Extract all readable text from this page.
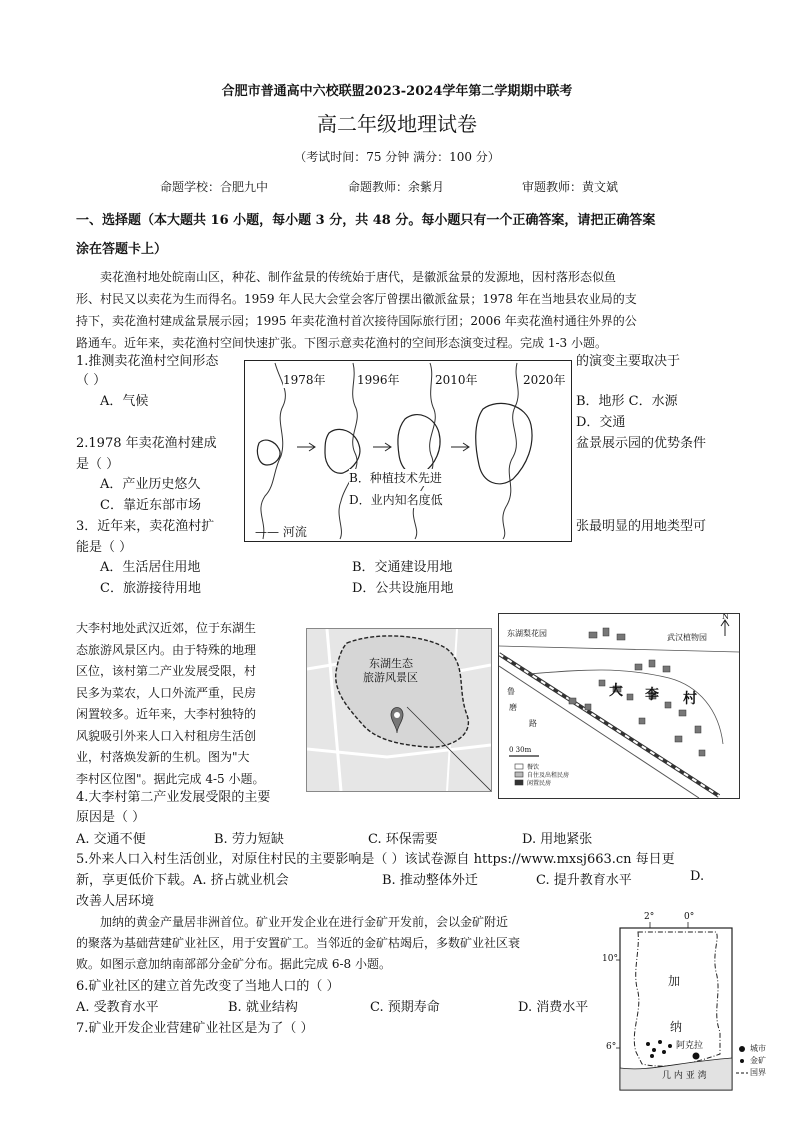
合肥市普通高中六校联盟2023-2024学年第二学期期中联考
高二年级地理试卷
（考试时间：75 分钟 满分：100 分）
命题学校：合肥九中	命题教师：余紫月	审题教师：黄文斌
一、选择题（本大题共 16 小题，每小题 3 分，共 48 分。每小题只有一个正确答案，请把正确答案
涂在答题卡上）
卖花渔村地处皖南山区，种花、制作盆景的传统始于唐代，是徽派盆景的发源地，因村落形态似鱼
形、村民又以卖花为生而得名。1959 年人民大会堂会客厅曾摆出徽派盆景；1978 年在当地县农业局的支
持下，卖花渔村建成盆景展示园；1995 年卖花渔村首次接待国际旅行团；2006 年卖花渔村通往外界的公
路通车。近年来，卖花渔村空间快速扩张。下图示意卖花渔村的空间形态演变过程。完成 1-3 小题。
1.推测卖花渔村空间形态	的演变主要取决于
（ ）
A．气候	B．地形 C．水源
D．交通
2.1978 年卖花渔村建成	盆景展示园的优势条件
是（ ）
A．产业历史悠久
C．靠近东部市场
3．近年来，卖花渔村扩	张最明显的用地类型可
能是（ ）
A．生活居住用地	B．交通建设用地
C．旅游接待用地	D．公共设施用地
1978年	1996年	2010年	2020年
B．种植技术先进
D．业内知名度低
—— 河流
大李村地处武汉近郊，位于东湖生
态旅游风景区内。由于特殊的地理
区位，该村第二产业发展受限，村
民多为菜农，人口外流严重，民房
闲置较多。近年来，大李村独特的
风貌吸引外来人口入村租房生活创
业，村落焕发新的生机。图为"大
李村区位图"。据此完成 4-5 小题。
东湖生态
旅游风景区
东湖梨花园	武汉植物园
N
大 李 村
鲁
磨
路
0 30m
餐饮
自住及出租民房
闲置民房
4.大李村第二产业发展受限的主要
原因是（ ）
A. 交通不便	B. 劳力短缺	C. 环保需要	D. 用地紧张
5.外来人口入村生活创业，对原住村民的主要影响是（ ）该试卷源自 https://www.mxsj663.cn 每日更
新，享更低价下载。A. 挤占就业机会	B. 推动整体外迁	C. 提升教育水平	D.
改善人居环境
加纳的黄金产量居非洲首位。矿业开发企业在进行金矿开发前，会以金矿附近
的聚落为基础营建矿业社区，用于安置矿工。当邻近的金矿枯竭后，多数矿业社区衰
败。如图示意加纳南部部分金矿分布。据此完成 6-8 小题。
6.矿业社区的建立首先改变了当地人口的（ ）
A. 受教育水平	B. 就业结构	C. 预期寿命	D. 消费水平
7.矿业开发企业营建矿业社区是为了（ ）
2°	0°
10°
6°
加
纳
阿克拉
几 内 亚 湾
城市
金矿
国界
